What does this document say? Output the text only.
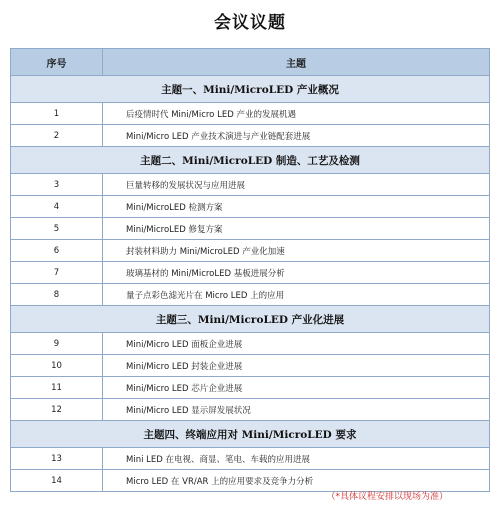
会议议题
序号	主题
主题一、Mini/MicroLED 产业概况	
1	后疫情时代 Mini/Micro LED 产业的发展机遇
2	Mini/Micro LED 产业技术演进与产业链配套进展
主题二、Mini/MicroLED 制造、工艺及检测	
3	巨量转移的发展状况与应用进展
4	Mini/MicroLED 检测方案
5	Mini/MicroLED 修复方案
6	封装材料助力 Mini/MicroLED 产业化加速
7	玻璃基材的 Mini/MicroLED 基板进展分析
8	量子点彩色滤光片在 Micro LED 上的应用
主题三、Mini/MicroLED 产业化进展	
9	Mini/Micro LED 面板企业进展
10	Mini/Micro LED 封装企业进展
11	Mini/Micro LED 芯片企业进展
12	Mini/Micro LED 显示屏发展状况
主题四、终端应用对 Mini/MicroLED 要求	
13	Mini LED 在电视、商显、笔电、车载的应用进展
14	Micro LED 在 VR/AR 上的应用要求及竞争力分析
（*具体议程安排以现场为准）
